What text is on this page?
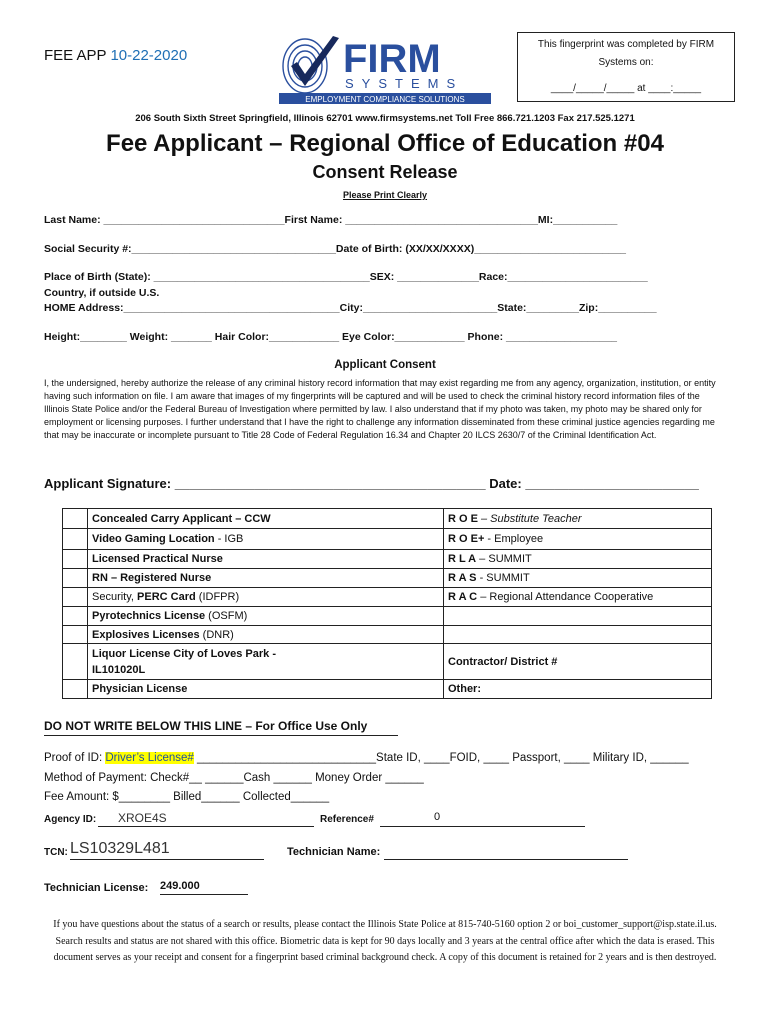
FEE APP 10-22-2020	FIRM
SYSTEMS
EMPLOYMENT COMPLIANCE SOLUTIONS
This fingerprint was completed by FIRM
Systems on:
____/_____/_____ at ____:_____
206 South Sixth Street Springfield, Illinois 62701 www.firmsystems.net Toll Free 866.721.1203 Fax 217.525.1271
Fee Applicant – Regional Office of Education #04
Consent Release
Please Print Clearly
Last Name: _______________________________First Name: _________________________________MI:___________
Social Security #:___________________________________Date of Birth: (XX/XX/XXXX)__________________________
Place of Birth (State): _____________________________________SEX: ______________Race:________________________
Country, if outside U.S.
HOME Address:_____________________________________City:_______________________State:_________Zip:__________
Height:________ Weight: _______ Hair Color:____________ Eye Color:____________ Phone: ___________________
Applicant Consent
I, the undersigned, hereby authorize the release of any criminal history record information that may exist regarding me from any agency, organization, institution, or entity having such information on file. I am aware that images of my fingerprints will be captured and will be used to check the criminal history record information files of the Illinois State Police and/or the Federal Bureau of Investigation where permitted by law. I also understand that if my photo was taken, my photo may be shared only for employment or licensing purposes. I further understand that I have the right to challenge any information disseminated from these criminal justice agencies regarding me that may be inaccurate or incomplete pursuant to Title 28 Code of Federal Regulation 16.34 and Chapter 20 ILCS 2630/7 of the Criminal Identification Act.
Applicant Signature: ___________________________________________ Date: ________________________
	Concealed Carry Applicant – CCW	R O E – Substitute Teacher
	Video Gaming Location - IGB	R O E+ - Employee
	Licensed Practical Nurse	R L A – SUMMIT
	RN – Registered Nurse	R A S - SUMMIT
	Security, PERC Card (IDFPR)	R A C – Regional Attendance Cooperative
	Pyrotechnics License (OSFM)	
	Explosives Licenses (DNR)	
	Liquor License City of Loves Park -
IL101020L	Contractor/ District #
	Physician License	Other:
DO NOT WRITE BELOW THIS LINE – For Office Use Only
Proof of ID: Driver’s License# ____________________________State ID, ____FOID, ____ Passport, ____ Military ID, ______
Method of Payment: Check#__ ______Cash ______ Money Order ______
Fee Amount: $________ Billed______ Collected______
Agency ID:	XROE4S	Reference#	0
TCN: LS10329L481	Technician Name:
Technician License: 249.000
If you have questions about the status of a search or results, please contact the Illinois State Police at 815-740-5160 option 2 or boi_customer_support@isp.state.il.us. Search results and status are not shared with this office. Biometric data is kept for 90 days locally and 3 years at the central office after which the data is erased. This document serves as your receipt and consent for a fingerprint based criminal background check. A copy of this document is retained for 2 years and is then destroyed.
